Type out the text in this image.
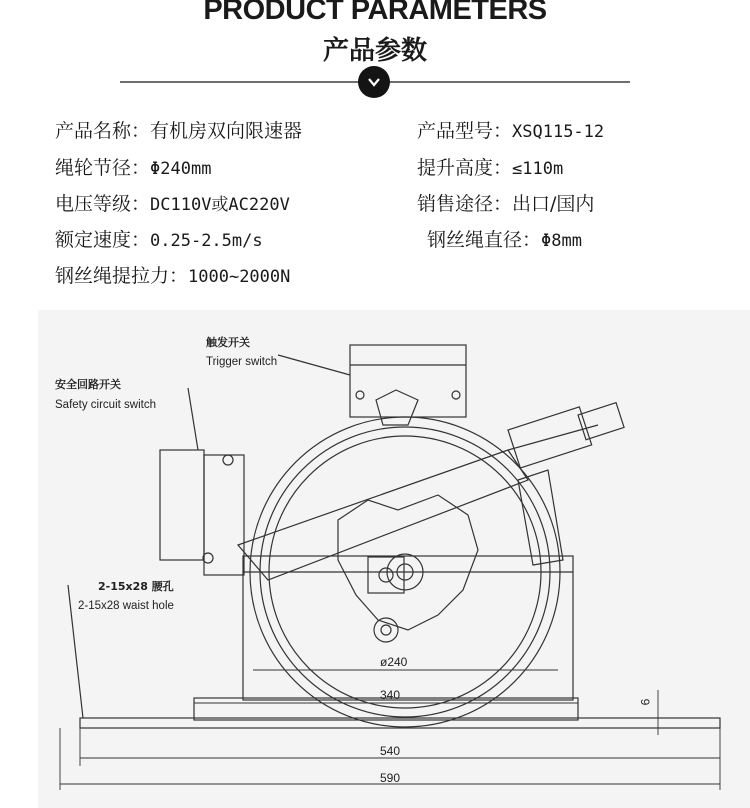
PRODUCT PARAMETERS
产品参数
产品名称：有机房双向限速器	产品型号：XSQ115-12
绳轮节径：Φ240mm	提升高度：≤110m
电压等级：DC110V或AC220V	销售途径：出口/国内
额定速度：0.25-2.5m/s	钢丝绳直径：Φ8mm
钢丝绳提拉力：1000~2000N
触发开关
Trigger switch
安全回路开关
Safety circuit switch
2-15x28 腰孔
2-15x28 waist hole
ø240
340
540
590
6
